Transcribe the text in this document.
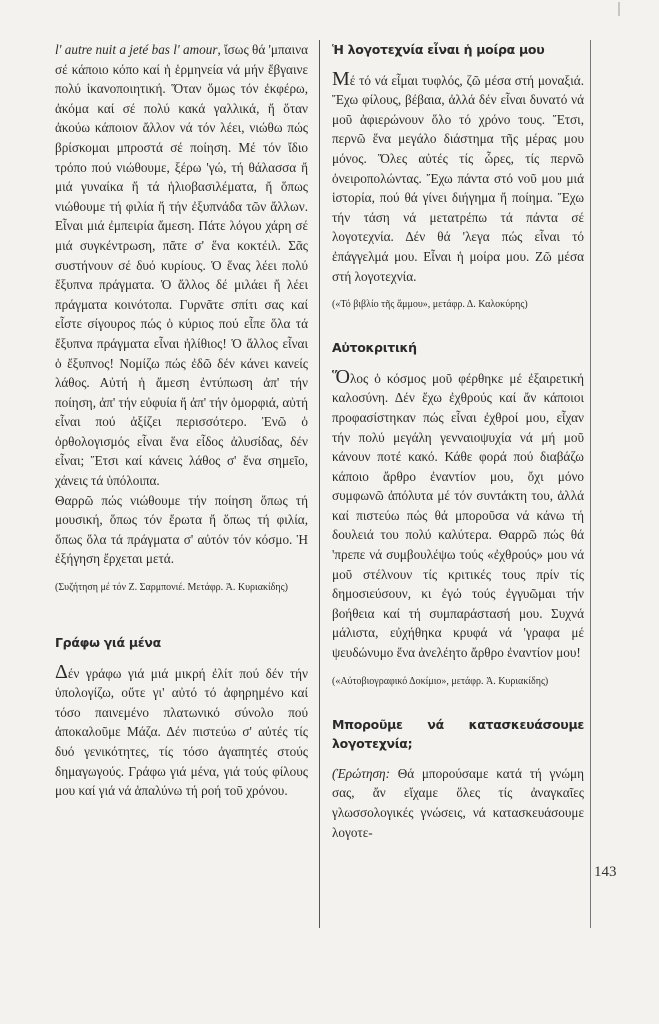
l' autre nuit a jeté bas l' amour, ἴσως θά 'μπαινα σέ κάποιο κόπο καί ἡ ἑρμηνεία νά μήν ἔβγαινε πολύ ἱκανοποιητική. Ὅταν ὅμως τόν ἐκφέρω, ἀκόμα καί σέ πολύ κακά γαλλικά, ἤ ὅταν ἀκούω κάποιον ἄλλον νά τόν λέει, νιώθω πώς βρίσκομαι μπροστά σέ ποίηση. Μέ τόν ἴδιο τρόπο πού νιώθουμε, ξέρω 'γώ, τή θάλασσα ἤ μιά γυναίκα ἤ τά ἡλιοβασιλέματα, ἤ ὅπως νιώθουμε τή φιλία ἤ τήν ἐξυπνάδα τῶν ἄλλων. Εἶναι μιά ἐμπειρία ἄμεση. Πάτε λόγου χάρη σέ μιά συγκέντρωση, πᾶτε σ' ἕνα κοκτέιλ. Σᾶς συστήνουν σέ δυό κυρίους. Ὁ ἕνας λέει πολύ ἔξυπνα πράγματα. Ὁ ἄλλος δέ μιλάει ἤ λέει πράγματα κοινότοπα. Γυρνᾶτε σπίτι σας καί εἶστε σίγουρος πώς ὁ κύριος πού εἶπε ὅλα τά ἔξυπνα πράγματα εἶναι ἠλίθιος! Ὁ ἄλλος εἶναι ὁ ἔξυπνος! Νομίζω πώς ἐδῶ δέν κάνει κανείς λάθος. Αὐτή ἡ ἄμεση ἐντύπωση ἀπ' τήν ποίηση, ἀπ' τήν εὐφυία ἤ ἀπ' τήν ὁμορφιά, αὐτή εἶναι πού ἀξίζει περισσότερο. Ἐνῶ ὁ ὀρθολογισμός εἶναι ἕνα εἶδος ἀλυσίδας, δέν εἶναι; Ἔτσι καί κάνεις λάθος σ' ἕνα σημεῖο, χάνεις τά ὑπόλοιπα.

Θαρρῶ πώς νιώθουμε τήν ποίηση ὅπως τή μουσική, ὅπως τόν ἔρωτα ἤ ὅπως τή φιλία, ὅπως ὅλα τά πράγματα σ' αὐτόν τόν κόσμο. Ἡ ἐξήγηση ἔρχεται μετά.

(Συζήτηση μέ τόν Ζ. Σαρμπονιέ. Μετάφρ. Ἀ. Κυριακίδης)

Γράφω γιά μένα

Δέν γράφω γιά μιά μικρή ἐλίτ πού δέν τήν ὑπολογίζω, οὔτε γι' αὐτό τό ἀφηρημένο καί τόσο παινεμένο πλατωνικό σύνολο πού ἀποκαλοῦμε Μάζα. Δέν πιστεύω σ' αὐτές τίς δυό γενικότητες, τίς τόσο ἀγαπητές στούς δημαγωγούς. Γράφω γιά μένα, γιά τούς φίλους μου καί γιά νά ἁπαλύνω τή ροή τοῦ χρόνου.

Ἡ λογοτεχνία εἶναι ἡ μοίρα μου

Μέ τό νά εἶμαι τυφλός, ζῶ μέσα στή μοναξιά. Ἔχω φίλους, βέβαια, ἀλλά δέν εἶναι δυνατό νά μοῦ ἀφιερώνουν ὅλο τό χρόνο τους. Ἔτσι, περνῶ ἕνα μεγάλο διάστημα τῆς μέρας μου μόνος. Ὅλες αὐτές τίς ὧρες, τίς περνῶ ὀνειροπολώντας. Ἔχω πάντα στό νοῦ μου μιά ἱστορία, πού θά γίνει διήγημα ἤ ποίημα. Ἔχω τήν τάση νά μετατρέπω τά πάντα σέ λογοτεχνία. Δέν θά 'λεγα πώς εἶναι τό ἐπάγγελμά μου. Εἶναι ἡ μοίρα μου. Ζῶ μέσα στή λογοτεχνία.

(«Τό βιβλίο τῆς ἄμμου», μετάφρ. Δ. Καλοκύρης)

Αὐτοκριτική

Ὅλος ὁ κόσμος μοῦ φέρθηκε μέ ἐξαιρετική καλοσύνη. Δέν ἔχω ἐχθρούς καί ἄν κάποιοι προφασίστηκαν πώς εἶναι ἐχθροί μου, εἶχαν τήν πολύ μεγάλη γενναιοψυχία νά μή μοῦ κάνουν ποτέ κακό. Κάθε φορά πού διαβάζω κάποιο ἄρθρο ἐναντίον μου, ὄχι μόνο συμφωνῶ ἀπόλυτα μέ τόν συντάκτη του, ἀλλά καί πιστεύω πώς θά μποροῦσα νά κάνω τή δουλειά του πολύ καλύτερα. Θαρρῶ πώς θά 'πρεπε νά συμβουλέψω τούς «ἐχθρούς» μου νά μοῦ στέλνουν τίς κριτικές τους πρίν τίς δημοσιεύσουν, κι ἐγώ τούς ἐγγυῶμαι τήν βοήθεια καί τή συμπαράστασή μου. Συχνά μάλιστα, εὐχήθηκα κρυφά νά 'γραφα μέ ψευδώνυμο ἕνα ἀνελέητο ἄρθρο ἐναντίον μου!

(«Αὐτοβιογραφικό Δοκίμιο», μετάφρ. Ἀ. Κυριακίδης)

Μποροῦμε νά κατασκευάσουμε λογοτεχνία;

(Ἐρώτηση: Θά μπορούσαμε κατά τή γνώμη σας, ἄν εἴχαμε ὅλες τίς ἀναγκαῖες γλωσσολογικές γνώσεις, νά κατασκευάσουμε λογοτε-

143
